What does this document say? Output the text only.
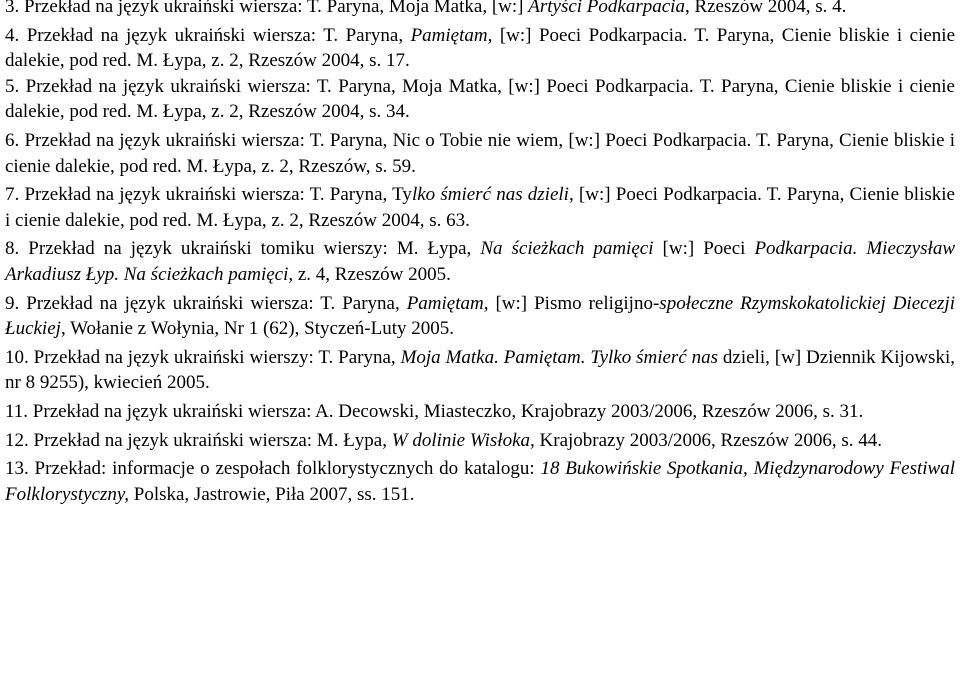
3. Przekład na język ukraiński wiersza: T. Paryna, Moja Matka, [w:] Artyści Podkarpacia, Rzeszów 2004, s. 4.

4. Przekład na język ukraiński wiersza: T. Paryna, Pamiętam, [w:] Poeci Podkarpacia. T. Paryna, Cienie bliskie i cienie dalekie, pod red. M. Łypa, z. 2, Rzeszów 2004, s. 17.

5. Przekład na język ukraiński wiersza: T. Paryna, Moja Matka, [w:] Poeci Podkarpacia. T. Paryna, Cienie bliskie i cienie dalekie, pod red. M. Łypa, z. 2, Rzeszów 2004, s. 34.

6. Przekład na język ukraiński wiersza: T. Paryna, Nic o Tobie nie wiem, [w:] Poeci Podkarpacia. T. Paryna, Cienie bliskie i cienie dalekie, pod red. M. Łypa, z. 2, Rzeszów, s. 59.

7. Przekład na język ukraiński wiersza: T. Paryna, Tylko śmierć nas dzieli, [w:] Poeci Podkarpacia. T. Paryna, Cienie bliskie i cienie dalekie, pod red. M. Łypa, z. 2, Rzeszów 2004, s. 63.

8. Przekład na język ukraiński tomiku wierszy: M. Łypa, Na ścieżkach pamięci [w:] Poeci Podkarpacia. Mieczysław Arkadiusz Łyp. Na ścieżkach pamięci, z. 4, Rzeszów 2005.

9. Przekład na język ukraiński wiersza: T. Paryna, Pamiętam, [w:] Pismo religijno-społeczne Rzymskokatolickiej Diecezji Łuckiej, Wołanie z Wołynia, Nr 1 (62), Styczeń-Luty 2005.

10. Przekład na język ukraiński wierszy: T. Paryna, Moja Matka. Pamiętam. Tylko śmierć nas dzieli, [w] Dziennik Kijowski, nr 8 9255), kwiecień 2005.

11. Przekład na język ukraiński wiersza: A. Decowski, Miasteczko, Krajobrazy 2003/2006, Rzeszów 2006, s. 31.

12. Przekład na język ukraiński wiersza: M. Łypa, W dolinie Wisłoka, Krajobrazy 2003/2006, Rzeszów 2006, s. 44.

13. Przekład: informacje o zespołach folklorystycznych do katalogu: 18 Bukowińskie Spotkania, Międzynarodowy Festiwal Folklorystyczny, Polska, Jastrowie, Piła 2007, ss. 151.
